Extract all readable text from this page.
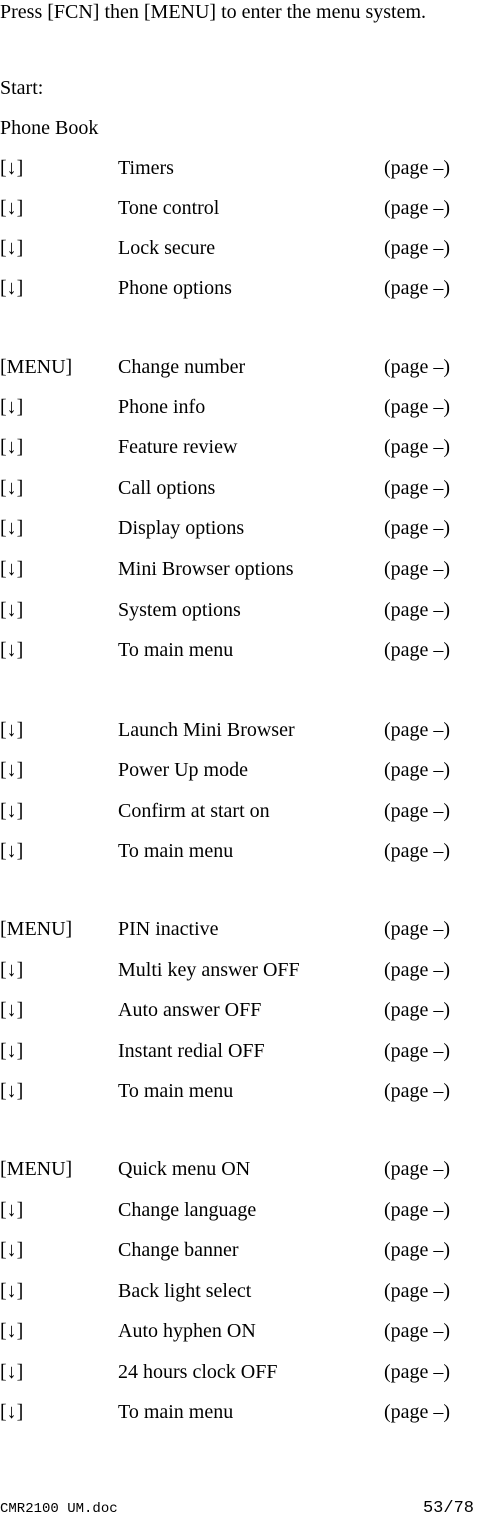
Press [FCN] then [MENU] to enter the menu system.
Start:
Phone Book
[↓]	Timers	(page –)
[↓]	Tone control	(page –)
[↓]	Lock secure	(page –)
[↓]	Phone options	(page –)
[MENU] Change number	(page –)
[↓]	Phone info	(page –)
[↓]	Feature review	(page –)
[↓]	Call options	(page –)
[↓]	Display options	(page –)
[↓]	Mini Browser options	(page –)
[↓]	System options	(page –)
[↓]	To main menu	(page –)
[↓]	Launch Mini Browser	(page –)
[↓]	Power Up mode	(page –)
[↓]	Confirm at start on	(page –)
[↓]	To main menu	(page –)
[MENU] PIN inactive	(page –)
[↓]	Multi key answer OFF	(page –)
[↓]	Auto answer OFF	(page –)
[↓]	Instant redial OFF	(page –)
[↓]	To main menu	(page –)
[MENU] Quick menu ON	(page –)
[↓]	Change language	(page –)
[↓]	Change banner	(page –)
[↓]	Back light select	(page –)
[↓]	Auto hyphen ON	(page –)
[↓]	24 hours clock OFF	(page –)
[↓]	To main menu	(page –)
CMR2100 UM.doc	53/78
